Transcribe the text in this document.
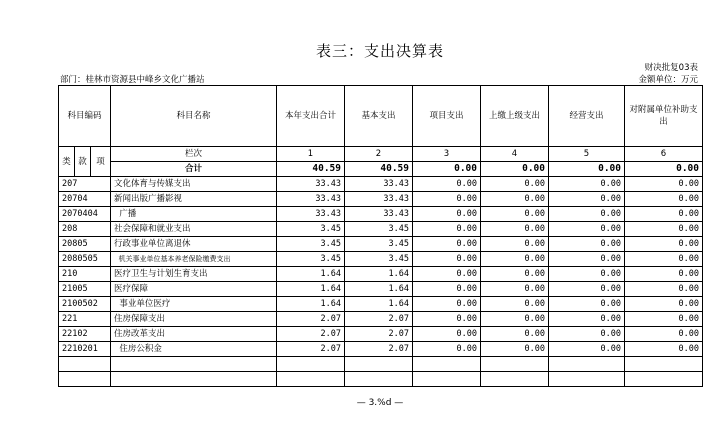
表三：支出决算表
财决批复03表
金额单位：万元
部门：桂林市资源县中峰乡文化广播站
科目编码			科目名称	本年支出合计	基本支出	项目支出	上缴上级支出	经营支出	对附属单位补助支出
类	款	项	栏次	1	2	3	4	5	6
			合计	40.59	40.59	0.00	0.00	0.00	0.00
207			文化体育与传媒支出	33.43	33.43	0.00	0.00	0.00	0.00
20704			新闻出版广播影视	33.43	33.43	0.00	0.00	0.00	0.00
2070404			广播	33.43	33.43	0.00	0.00	0.00	0.00
208			社会保障和就业支出	3.45	3.45	0.00	0.00	0.00	0.00
20805			行政事业单位离退休	3.45	3.45	0.00	0.00	0.00	0.00
2080505			机关事业单位基本养老保险缴费支出	3.45	3.45	0.00	0.00	0.00	0.00
210			医疗卫生与计划生育支出	1.64	1.64	0.00	0.00	0.00	0.00
21005			医疗保障	1.64	1.64	0.00	0.00	0.00	0.00
2100502			事业单位医疗	1.64	1.64	0.00	0.00	0.00	0.00
221			住房保障支出	2.07	2.07	0.00	0.00	0.00	0.00
22102			住房改革支出	2.07	2.07	0.00	0.00	0.00	0.00
2210201			住房公积金	2.07	2.07	0.00	0.00	0.00	0.00

— 3.%d —
